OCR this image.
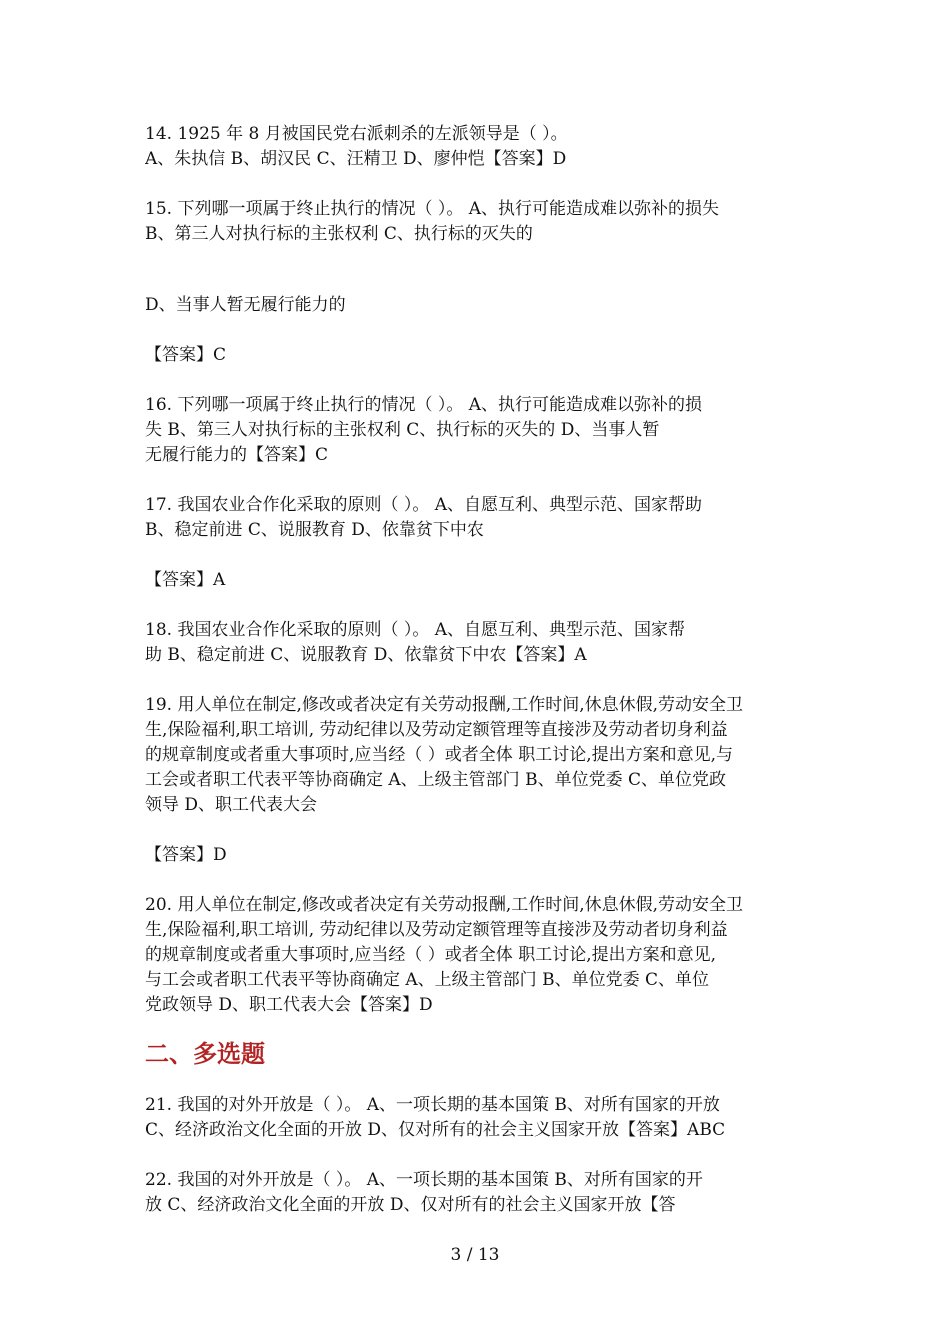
14. 1925 年 8 月被国民党右派刺杀的左派领导是（ ）。
A、朱执信 B、胡汉民 C、汪精卫 D、廖仲恺【答案】D
15. 下列哪一项属于终止执行的情况（ ）。 A、执行可能造成难以弥补的损失
B、第三人对执行标的主张权利 C、执行标的灭失的
D、当事人暂无履行能力的
【答案】C
16. 下列哪一项属于终止执行的情况（ ）。 A、执行可能造成难以弥补的损
失 B、第三人对执行标的主张权利 C、执行标的灭失的 D、当事人暂
无履行能力的【答案】C
17. 我国农业合作化采取的原则（ ）。 A、自愿互利、典型示范、国家帮助
B、稳定前进 C、说服教育 D、依靠贫下中农
【答案】A
18. 我国农业合作化采取的原则（ ）。 A、自愿互利、典型示范、国家帮
助 B、稳定前进 C、说服教育 D、依靠贫下中农【答案】A
19. 用人单位在制定,修改或者决定有关劳动报酬,工作时间,休息休假,劳动安全卫
生,保险福利,职工培训, 劳动纪律以及劳动定额管理等直接涉及劳动者切身利益
的规章制度或者重大事项时,应当经（ ）或者全体 职工讨论,提出方案和意见,与
工会或者职工代表平等协商确定 A、上级主管部门 B、单位党委 C、单位党政
领导 D、职工代表大会
【答案】D
20. 用人单位在制定,修改或者决定有关劳动报酬,工作时间,休息休假,劳动安全卫
生,保险福利,职工培训, 劳动纪律以及劳动定额管理等直接涉及劳动者切身利益
的规章制度或者重大事项时,应当经（ ）或者全体 职工讨论,提出方案和意见,
与工会或者职工代表平等协商确定 A、上级主管部门 B、单位党委 C、单位
党政领导 D、职工代表大会【答案】D
二、多选题
21. 我国的对外开放是（ ）。 A、一项长期的基本国策 B、对所有国家的开放
C、经济政治文化全面的开放 D、仅对所有的社会主义国家开放【答案】ABC
22. 我国的对外开放是（ ）。 A、一项长期的基本国策 B、对所有国家的开
放 C、经济政治文化全面的开放 D、仅对所有的社会主义国家开放【答
3 / 13
